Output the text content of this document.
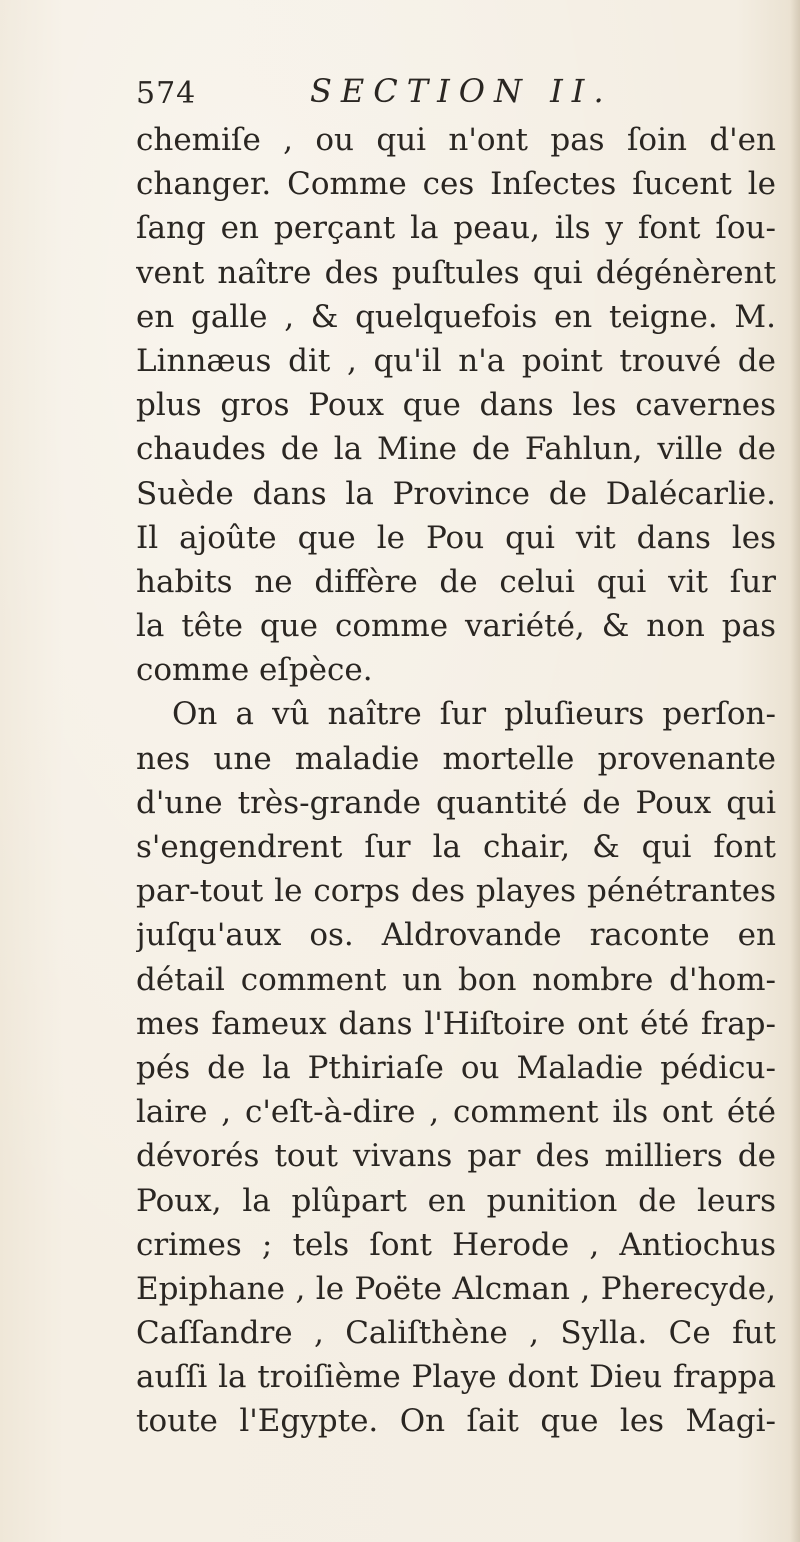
574	SECTION II.
chemiſe , ou qui n'ont pas ſoin d'en
changer. Comme ces Inſectes ſucent le
ſang en perçant la peau, ils y font ſou-
vent naître des puſtules qui dégénèrent
en galle , & quelquefois en teigne. M.
Linnæus dit , qu'il n'a point trouvé de
plus gros Poux que dans les cavernes
chaudes de la Mine de Fahlun, ville de
Suède dans la Province de Dalécarlie.
Il ajoûte que le Pou qui vit dans les
habits ne diffère de celui qui vit ſur
la tête que comme variété, & non pas
comme eſpèce.
On a vû naître ſur pluſieurs perſon-
nes une maladie mortelle provenante
d'une très-grande quantité de Poux qui
s'engendrent ſur la chair, & qui font
par-tout le corps des playes pénétrantes
juſqu'aux os. Aldrovande raconte en
détail comment un bon nombre d'hom-
mes fameux dans l'Hiſtoire ont été frap-
pés de la Pthiriaſe ou Maladie pédicu-
laire , c'eſt-à-dire , comment ils ont été
dévorés tout vivans par des milliers de
Poux, la plûpart en punition de leurs
crimes ; tels ſont Herode , Antiochus
Epiphane , le Poëte Alcman , Pherecyde,
Caſſandre , Caliſthène , Sylla. Ce fut
auſſi la troiſième Playe dont Dieu frappa
toute l'Egypte. On ſait que les Magi-
